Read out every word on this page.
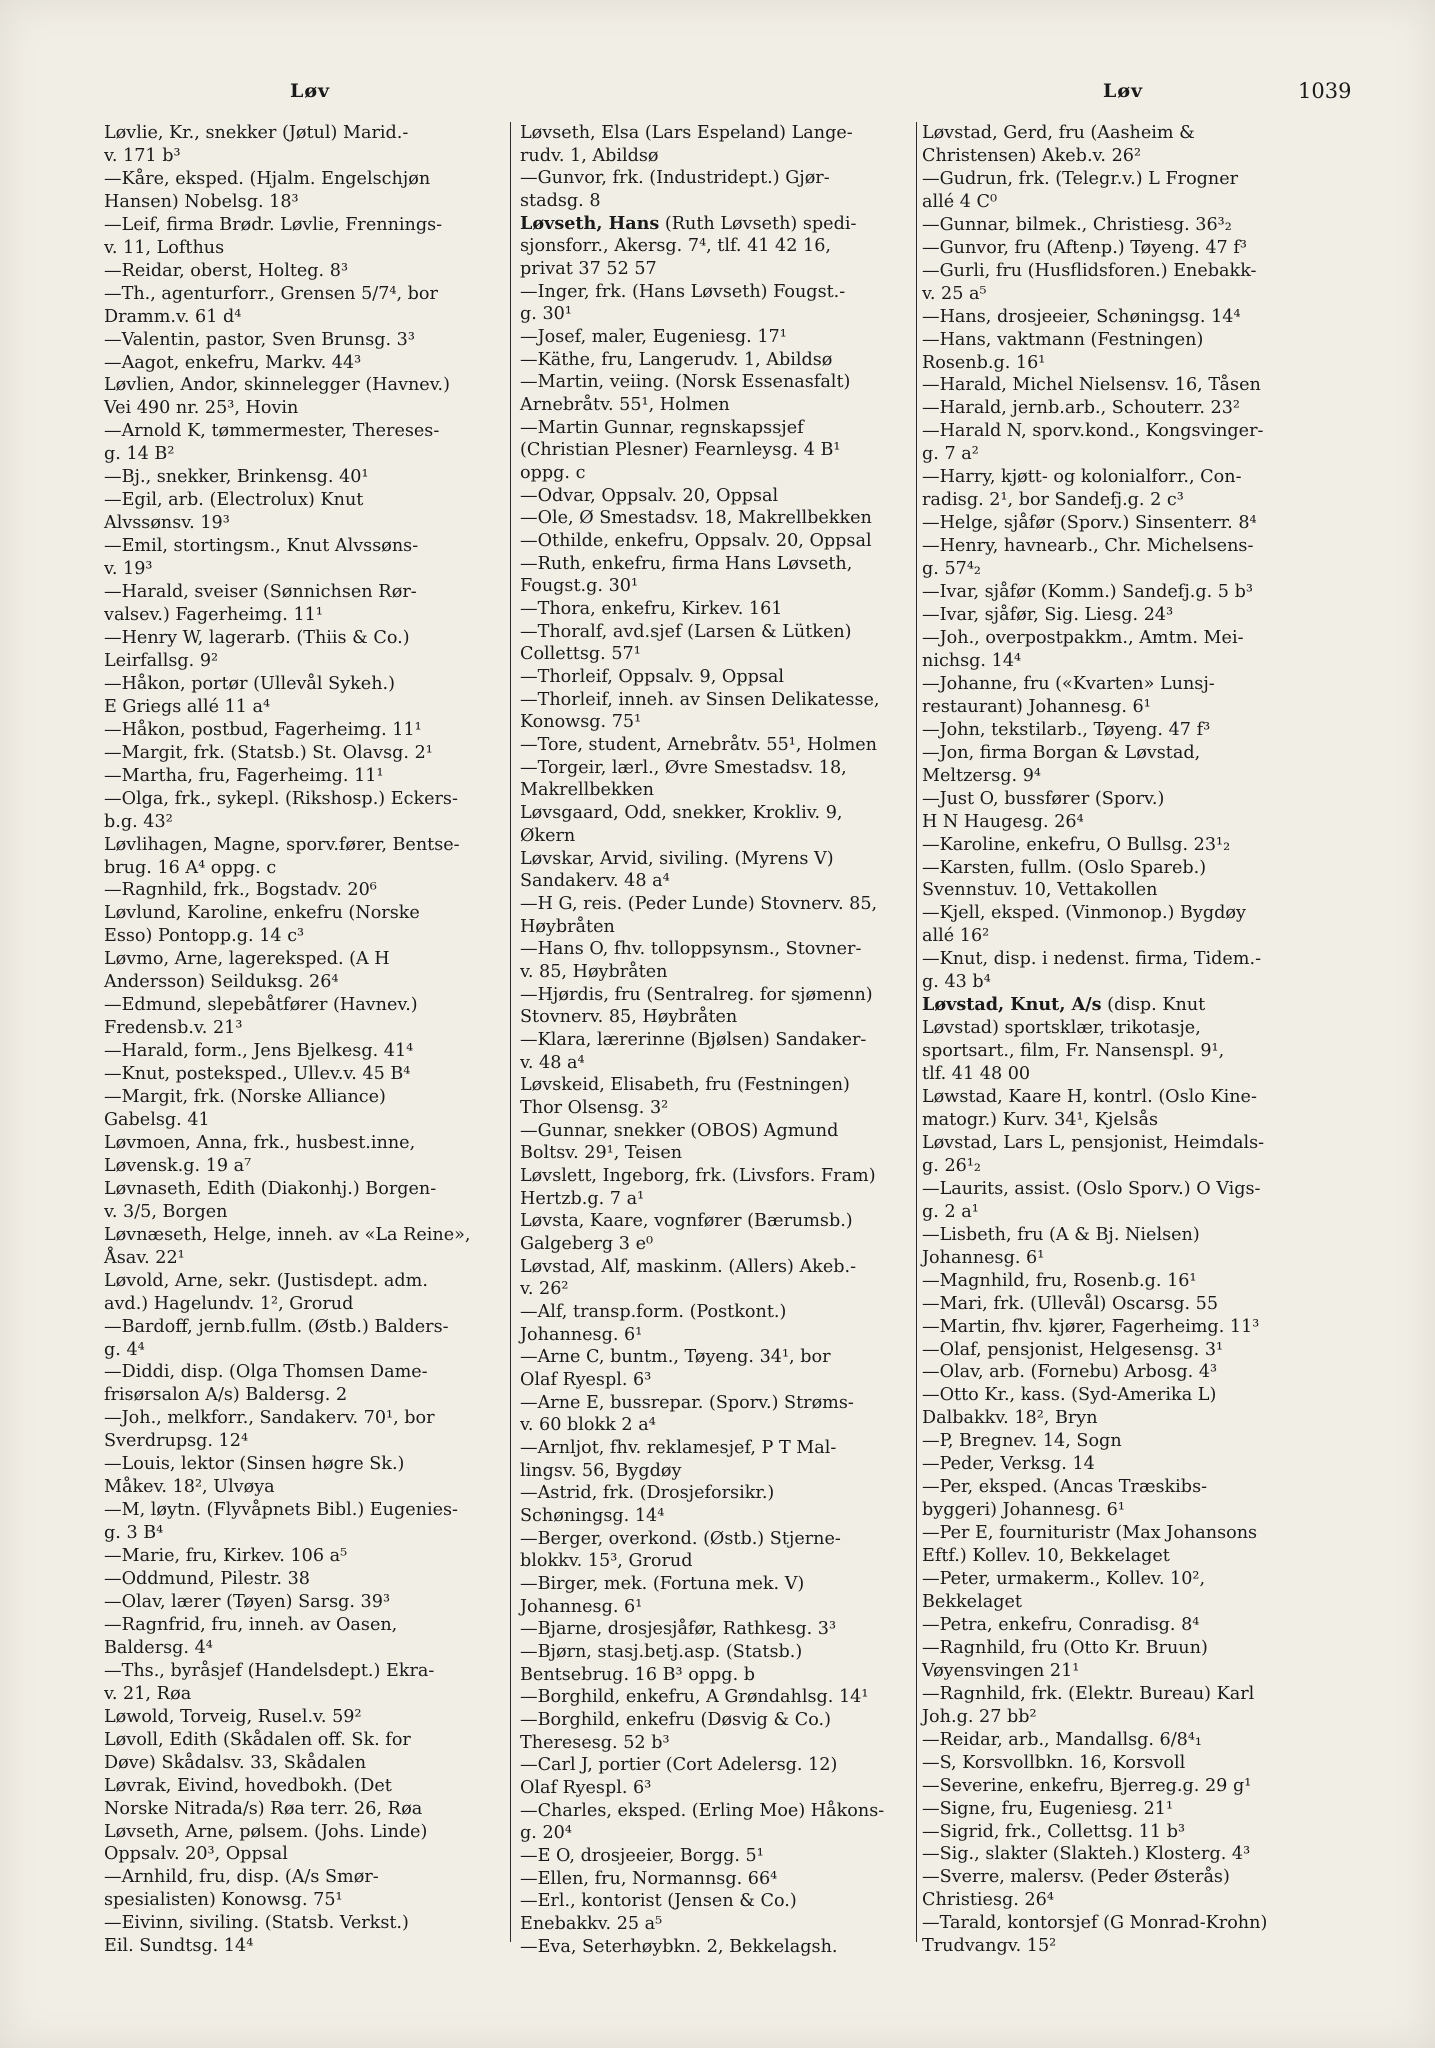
Løv	Løv	1039
Løvlie, Kr., snekker (Jøtul) Marid.-
v. 171 b³
—Kåre, eksped. (Hjalm. Engelschjøn
Hansen) Nobelsg. 18³
—Leif, firma Brødr. Løvlie, Frennings-
v. 11, Lofthus
—Reidar, oberst, Holteg. 8³
—Th., agenturforr., Grensen 5/7⁴, bor
Dramm.v. 61 d⁴
—Valentin, pastor, Sven Brunsg. 3³
—Aagot, enkefru, Markv. 44³
Løvlien, Andor, skinnelegger (Havnev.)
Vei 490 nr. 25³, Hovin
—Arnold K, tømmermester, Thereses-
g. 14 B²
—Bj., snekker, Brinkensg. 40¹
—Egil, arb. (Electrolux) Knut
Alvssønsv. 19³
—Emil, stortingsm., Knut Alvssøns-
v. 19³
—Harald, sveiser (Sønnichsen Rør-
valsev.) Fagerheimg. 11¹
—Henry W, lagerarb. (Thiis & Co.)
Leirfallsg. 9²
—Håkon, portør (Ullevål Sykeh.)
E Griegs allé 11 a⁴
—Håkon, postbud, Fagerheimg. 11¹
—Margit, frk. (Statsb.) St. Olavsg. 2¹
—Martha, fru, Fagerheimg. 11¹
—Olga, frk., sykepl. (Rikshosp.) Eckers-
b.g. 43²
Løvlihagen, Magne, sporv.fører, Bentse-
brug. 16 A⁴ oppg. c
—Ragnhild, frk., Bogstadv. 20⁶
Løvlund, Karoline, enkefru (Norske
Esso) Pontopp.g. 14 c³
Løvmo, Arne, lagereksped. (A H
Andersson) Seilduksg. 26⁴
—Edmund, slepebåtfører (Havnev.)
Fredensb.v. 21³
—Harald, form., Jens Bjelkesg. 41⁴
—Knut, posteksped., Ullev.v. 45 B⁴
—Margit, frk. (Norske Alliance)
Gabelsg. 41
Løvmoen, Anna, frk., husbest.inne,
Løvensk.g. 19 a⁷
Løvnaseth, Edith (Diakonhj.) Borgen-
v. 3/5, Borgen
Løvnæseth, Helge, inneh. av «La Reine»,
Åsav. 22¹
Løvold, Arne, sekr. (Justisdept. adm.
avd.) Hagelundv. 1², Grorud
—Bardoff, jernb.fullm. (Østb.) Balders-
g. 4⁴
—Diddi, disp. (Olga Thomsen Dame-
frisørsalon A/s) Baldersg. 2
—Joh., melkforr., Sandakerv. 70¹, bor
Sverdrupsg. 12⁴
—Louis, lektor (Sinsen høgre Sk.)
Måkev. 18², Ulvøya
—M, løytn. (Flyvåpnets Bibl.) Eugenies-
g. 3 B⁴
—Marie, fru, Kirkev. 106 a⁵
—Oddmund, Pilestr. 38
—Olav, lærer (Tøyen) Sarsg. 39³
—Ragnfrid, fru, inneh. av Oasen,
Baldersg. 4⁴
—Ths., byråsjef (Handelsdept.) Ekra-
v. 21, Røa
Løwold, Torveig, Rusel.v. 59²
Løvoll, Edith (Skådalen off. Sk. for
Døve) Skådalsv. 33, Skådalen
Løvrak, Eivind, hovedbokh. (Det
Norske Nitrada/s) Røa terr. 26, Røa
Løvseth, Arne, pølsem. (Johs. Linde)
Oppsalv. 20³, Oppsal
—Arnhild, fru, disp. (A/s Smør-
spesialisten) Konowsg. 75¹
—Eivinn, siviling. (Statsb. Verkst.)
Eil. Sundtsg. 14⁴
Løvseth, Elsa (Lars Espeland) Lange-
rudv. 1, Abildsø
—Gunvor, frk. (Industridept.) Gjør-
stadsg. 8
Løvseth, Hans (Ruth Løvseth) spedi-
sjonsforr., Akersg. 7⁴, tlf. 41 42 16,
privat 37 52 57
—Inger, frk. (Hans Løvseth) Fougst.-
g. 30¹
—Josef, maler, Eugeniesg. 17¹
—Käthe, fru, Langerudv. 1, Abildsø
—Martin, veiing. (Norsk Essenasfalt)
Arnebråtv. 55¹, Holmen
—Martin Gunnar, regnskapssjef
(Christian Plesner) Fearnleysg. 4 B¹
oppg. c
—Odvar, Oppsalv. 20, Oppsal
—Ole, Ø Smestadsv. 18, Makrellbekken
—Othilde, enkefru, Oppsalv. 20, Oppsal
—Ruth, enkefru, firma Hans Løvseth,
Fougst.g. 30¹
—Thora, enkefru, Kirkev. 161
—Thoralf, avd.sjef (Larsen & Lütken)
Collettsg. 57¹
—Thorleif, Oppsalv. 9, Oppsal
—Thorleif, inneh. av Sinsen Delikatesse,
Konowsg. 75¹
—Tore, student, Arnebråtv. 55¹, Holmen
—Torgeir, lærl., Øvre Smestadsv. 18,
Makrellbekken
Løvsgaard, Odd, snekker, Krokliv. 9,
Økern
Løvskar, Arvid, siviling. (Myrens V)
Sandakerv. 48 a⁴
—H G, reis. (Peder Lunde) Stovnerv. 85,
Høybråten
—Hans O, fhv. tolloppsynsm., Stovner-
v. 85, Høybråten
—Hjørdis, fru (Sentralreg. for sjømenn)
Stovnerv. 85, Høybråten
—Klara, lærerinne (Bjølsen) Sandaker-
v. 48 a⁴
Løvskeid, Elisabeth, fru (Festningen)
Thor Olsensg. 3²
—Gunnar, snekker (OBOS) Agmund
Boltsv. 29¹, Teisen
Løvslett, Ingeborg, frk. (Livsfors. Fram)
Hertzb.g. 7 a¹
Løvsta, Kaare, vognfører (Bærumsb.)
Galgeberg 3 e⁰
Løvstad, Alf, maskinm. (Allers) Akeb.-
v. 26²
—Alf, transp.form. (Postkont.)
Johannesg. 6¹
—Arne C, buntm., Tøyeng. 34¹, bor
Olaf Ryespl. 6³
—Arne E, bussrepar. (Sporv.) Strøms-
v. 60 blokk 2 a⁴
—Arnljot, fhv. reklamesjef, P T Mal-
lingsv. 56, Bygdøy
—Astrid, frk. (Drosjeforsikr.)
Schøningsg. 14⁴
—Berger, overkond. (Østb.) Stjerne-
blokkv. 15³, Grorud
—Birger, mek. (Fortuna mek. V)
Johannesg. 6¹
—Bjarne, drosjesjåfør, Rathkesg. 3³
—Bjørn, stasj.betj.asp. (Statsb.)
Bentsebrug. 16 B³ oppg. b
—Borghild, enkefru, A Grøndahlsg. 14¹
—Borghild, enkefru (Døsvig & Co.)
Theresesg. 52 b³
—Carl J, portier (Cort Adelersg. 12)
Olaf Ryespl. 6³
—Charles, eksped. (Erling Moe) Håkons-
g. 20⁴
—E O, drosjeeier, Borgg. 5¹
—Ellen, fru, Normannsg. 66⁴
—Erl., kontorist (Jensen & Co.)
Enebakkv. 25 a⁵
—Eva, Seterhøybkn. 2, Bekkelagsh.
Løvstad, Gerd, fru (Aasheim &
Christensen) Akeb.v. 26²
—Gudrun, frk. (Telegr.v.) L Frogner
allé 4 C⁰
—Gunnar, bilmek., Christiesg. 36³₂
—Gunvor, fru (Aftenp.) Tøyeng. 47 f³
—Gurli, fru (Husflidsforen.) Enebakk-
v. 25 a⁵
—Hans, drosjeeier, Schøningsg. 14⁴
—Hans, vaktmann (Festningen)
Rosenb.g. 16¹
—Harald, Michel Nielsensv. 16, Tåsen
—Harald, jernb.arb., Schouterr. 23²
—Harald N, sporv.kond., Kongsvinger-
g. 7 a²
—Harry, kjøtt- og kolonialforr., Con-
radisg. 2¹, bor Sandefj.g. 2 c³
—Helge, sjåfør (Sporv.) Sinsenterr. 8⁴
—Henry, havnearb., Chr. Michelsens-
g. 57⁴₂
—Ivar, sjåfør (Komm.) Sandefj.g. 5 b³
—Ivar, sjåfør, Sig. Liesg. 24³
—Joh., overpostpakkm., Amtm. Mei-
nichsg. 14⁴
—Johanne, fru («Kvarten» Lunsj-
restaurant) Johannesg. 6¹
—John, tekstilarb., Tøyeng. 47 f³
—Jon, firma Borgan & Løvstad,
Meltzersg. 9⁴
—Just O, bussfører (Sporv.)
H N Haugesg. 26⁴
—Karoline, enkefru, O Bullsg. 23¹₂
—Karsten, fullm. (Oslo Spareb.)
Svennstuv. 10, Vettakollen
—Kjell, eksped. (Vinmonop.) Bygdøy
allé 16²
—Knut, disp. i nedenst. firma, Tidem.-
g. 43 b⁴
Løvstad, Knut, A/s (disp. Knut
Løvstad) sportsklær, trikotasje,
sportsart., film, Fr. Nansenspl. 9¹,
tlf. 41 48 00
Løwstad, Kaare H, kontrl. (Oslo Kine-
matogr.) Kurv. 34¹, Kjelsås
Løvstad, Lars L, pensjonist, Heimdals-
g. 26¹₂
—Laurits, assist. (Oslo Sporv.) O Vigs-
g. 2 a¹
—Lisbeth, fru (A & Bj. Nielsen)
Johannesg. 6¹
—Magnhild, fru, Rosenb.g. 16¹
—Mari, frk. (Ullevål) Oscarsg. 55
—Martin, fhv. kjører, Fagerheimg. 11³
—Olaf, pensjonist, Helgesensg. 3¹
—Olav, arb. (Fornebu) Arbosg. 4³
—Otto Kr., kass. (Syd-Amerika L)
Dalbakkv. 18², Bryn
—P, Bregnev. 14, Sogn
—Peder, Verksg. 14
—Per, eksped. (Ancas Træskibs-
byggeri) Johannesg. 6¹
—Per E, fournituristr (Max Johansons
Eftf.) Kollev. 10, Bekkelaget
—Peter, urmakerm., Kollev. 10²,
Bekkelaget
—Petra, enkefru, Conradisg. 8⁴
—Ragnhild, fru (Otto Kr. Bruun)
Vøyensvingen 21¹
—Ragnhild, frk. (Elektr. Bureau) Karl
Joh.g. 27 bb²
—Reidar, arb., Mandallsg. 6/8⁴₁
—S, Korsvollbkn. 16, Korsvoll
—Severine, enkefru, Bjerreg.g. 29 g¹
—Signe, fru, Eugeniesg. 21¹
—Sigrid, frk., Collettsg. 11 b³
—Sig., slakter (Slakteh.) Klosterg. 4³
—Sverre, malersv. (Peder Østerås)
Christiesg. 26⁴
—Tarald, kontorsjef (G Monrad-Krohn)
Trudvangv. 15²
